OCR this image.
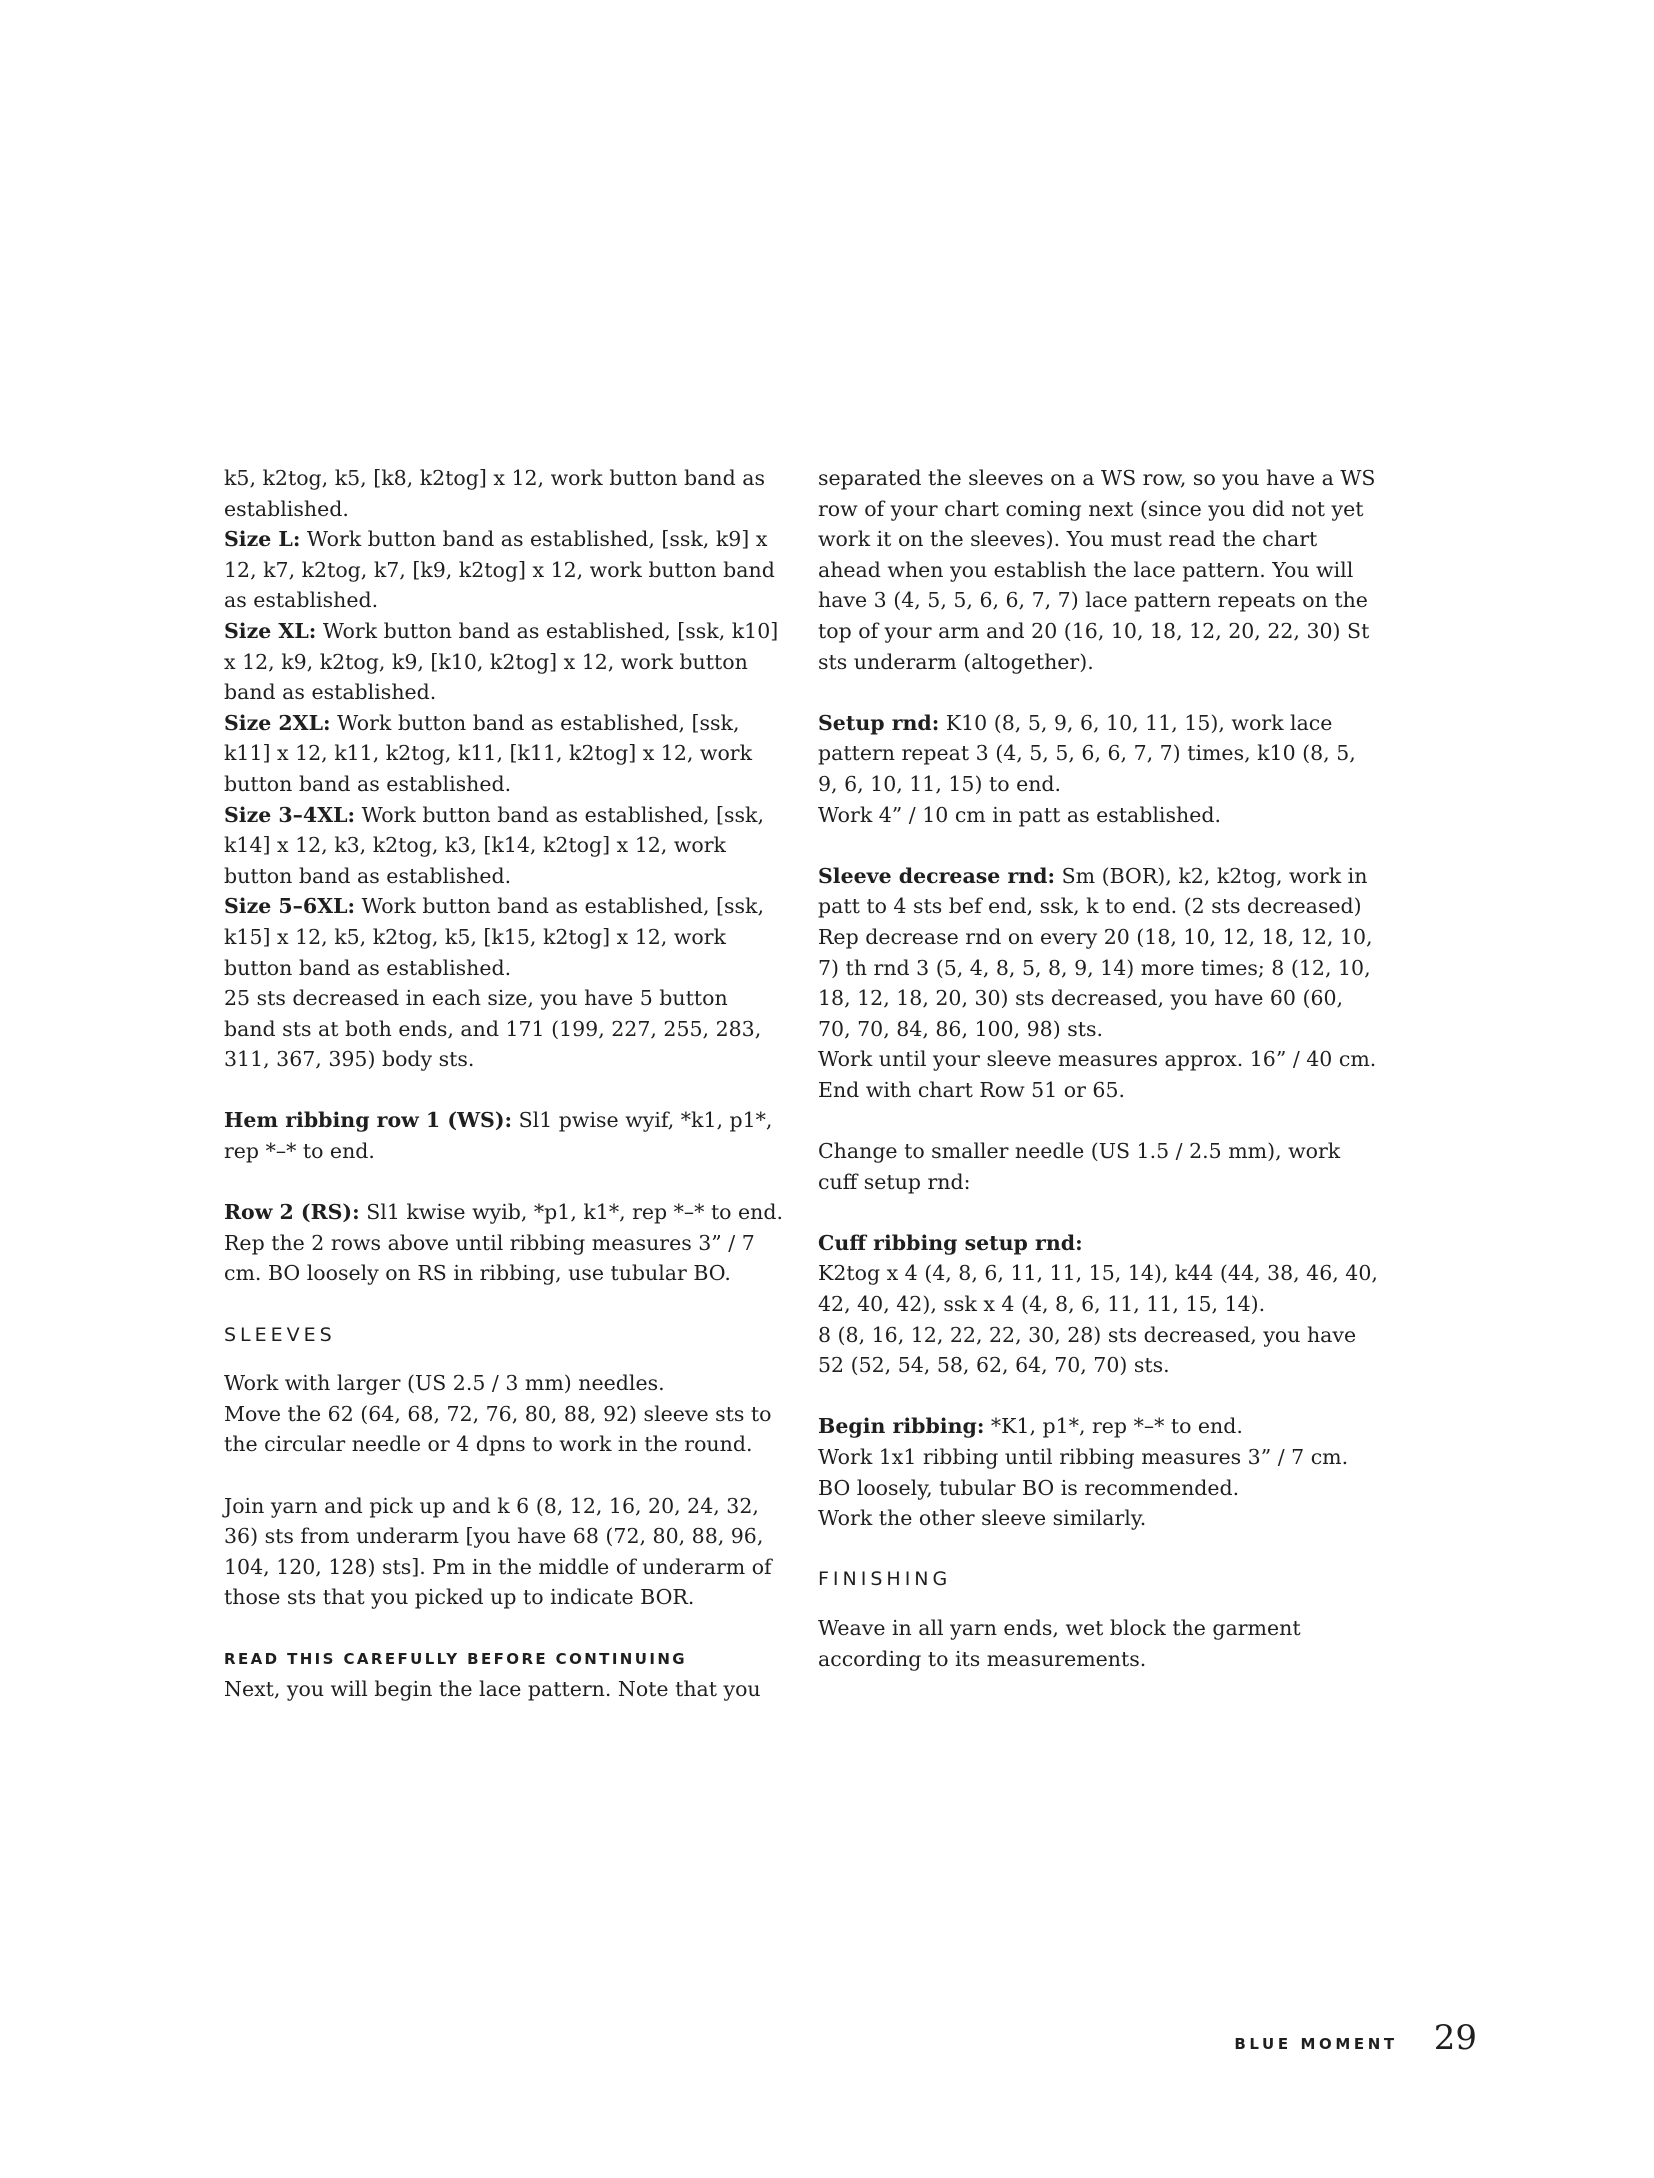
k5, k2tog, k5, [k8, k2tog] x 12, work button band as established.

Size L: Work button band as established, [ssk, k9] x 12, k7, k2tog, k7, [k9, k2tog] x 12, work button band as established.

Size XL: Work button band as established, [ssk, k10] x 12, k9, k2tog, k9, [k10, k2tog] x 12, work button band as established.

Size 2XL: Work button band as established, [ssk, k11] x 12, k11, k2tog, k11, [k11, k2tog] x 12, work button band as established.

Size 3–4XL: Work button band as established, [ssk, k14] x 12, k3, k2tog, k3, [k14, k2tog] x 12, work button band as established.

Size 5–6XL: Work button band as established, [ssk, k15] x 12, k5, k2tog, k5, [k15, k2tog] x 12, work button band as established.

25 sts decreased in each size, you have 5 button band sts at both ends, and 171 (199, 227, 255, 283, 311, 367, 395) body sts.

Hem ribbing row 1 (WS): Sl1 pwise wyif, *k1, p1*, rep *–* to end.

Row 2 (RS): Sl1 kwise wyib, *p1, k1*, rep *–* to end.

Rep the 2 rows above until ribbing measures 3” / 7 cm. BO loosely on RS in ribbing, use tubular BO.

SLEEVES

Work with larger (US 2.5 / 3 mm) needles.

Move the 62 (64, 68, 72, 76, 80, 88, 92) sleeve sts to the circular needle or 4 dpns to work in the round.

Join yarn and pick up and k 6 (8, 12, 16, 20, 24, 32, 36) sts from underarm [you have 68 (72, 80, 88, 96, 104, 120, 128) sts]. Pm in the middle of underarm of those sts that you picked up to indicate BOR.

READ THIS CAREFULLY BEFORE CONTINUING

Next, you will begin the lace pattern. Note that you

separated the sleeves on a WS row, so you have a WS row of your chart coming next (since you did not yet work it on the sleeves). You must read the chart ahead when you establish the lace pattern. You will have 3 (4, 5, 5, 6, 6, 7, 7) lace pattern repeats on the top of your arm and 20 (16, 10, 18, 12, 20, 22, 30) St sts underarm (altogether).

Setup rnd: K10 (8, 5, 9, 6, 10, 11, 15), work lace pattern repeat 3 (4, 5, 5, 6, 6, 7, 7) times, k10 (8, 5, 9, 6, 10, 11, 15) to end.

Work 4” / 10 cm in patt as established.

Sleeve decrease rnd: Sm (BOR), k2, k2tog, work in patt to 4 sts bef end, ssk, k to end. (2 sts decreased)

Rep decrease rnd on every 20 (18, 10, 12, 18, 12, 10, 7) th rnd 3 (5, 4, 8, 5, 8, 9, 14) more times; 8 (12, 10, 18, 12, 18, 20, 30) sts decreased, you have 60 (60, 70, 70, 84, 86, 100, 98) sts.

Work until your sleeve measures approx. 16” / 40 cm. End with chart Row 51 or 65.

Change to smaller needle (US 1.5 / 2.5 mm), work cuff setup rnd:

Cuff ribbing setup rnd:

K2tog x 4 (4, 8, 6, 11, 11, 15, 14), k44 (44, 38, 46, 40, 42, 40, 42), ssk x 4 (4, 8, 6, 11, 11, 15, 14).

8 (8, 16, 12, 22, 22, 30, 28) sts decreased, you have 52 (52, 54, 58, 62, 64, 70, 70) sts.

Begin ribbing: *K1, p1*, rep *–* to end.

Work 1x1 ribbing until ribbing measures 3” / 7 cm. BO loosely, tubular BO is recommended.

Work the other sleeve similarly.

FINISHING

Weave in all yarn ends, wet block the garment according to its measurements.

BLUE MOMENT 29
